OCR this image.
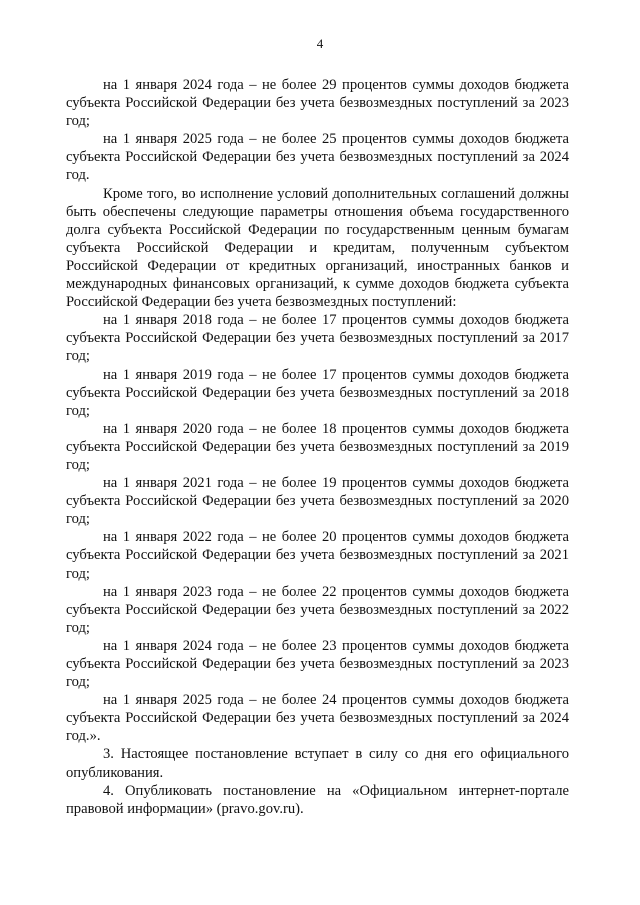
4

на 1 января 2024 года – не более 29 процентов суммы доходов бюджета субъекта Российской Федерации без учета безвозмездных поступлений за 2023 год;

на 1 января 2025 года – не более 25 процентов суммы доходов бюджета субъекта Российской Федерации без учета безвозмездных поступлений за 2024 год.

Кроме того, во исполнение условий дополнительных соглашений должны быть обеспечены следующие параметры отношения объема государственного долга субъекта Российской Федерации по государственным ценным бумагам субъекта Российской Федерации и кредитам, полученным субъектом Российской Федерации от кредитных организаций, иностранных банков и международных финансовых организаций, к сумме доходов бюджета субъекта Российской Федерации без учета безвозмездных поступлений:

на 1 января 2018 года – не более 17 процентов суммы доходов бюджета субъекта Российской Федерации без учета безвозмездных поступлений за 2017 год;

на 1 января 2019 года – не более 17 процентов суммы доходов бюджета субъекта Российской Федерации без учета безвозмездных поступлений за 2018 год;

на 1 января 2020 года – не более 18 процентов суммы доходов бюджета субъекта Российской Федерации без учета безвозмездных поступлений за 2019 год;

на 1 января 2021 года – не более 19 процентов суммы доходов бюджета субъекта Российской Федерации без учета безвозмездных поступлений за 2020 год;

на 1 января 2022 года – не более 20 процентов суммы доходов бюджета субъекта Российской Федерации без учета безвозмездных поступлений за 2021 год;

на 1 января 2023 года – не более 22 процентов суммы доходов бюджета субъекта Российской Федерации без учета безвозмездных поступлений за 2022 год;

на 1 января 2024 года – не более 23 процентов суммы доходов бюджета субъекта Российской Федерации без учета безвозмездных поступлений за 2023 год;

на 1 января 2025 года – не более 24 процентов суммы доходов бюджета субъекта Российской Федерации без учета безвозмездных поступлений за 2024 год.».

3. Настоящее постановление вступает в силу со дня его официального опубликования.

4. Опубликовать постановление на «Официальном интернет-портале правовой информации» (pravo.gov.ru).
